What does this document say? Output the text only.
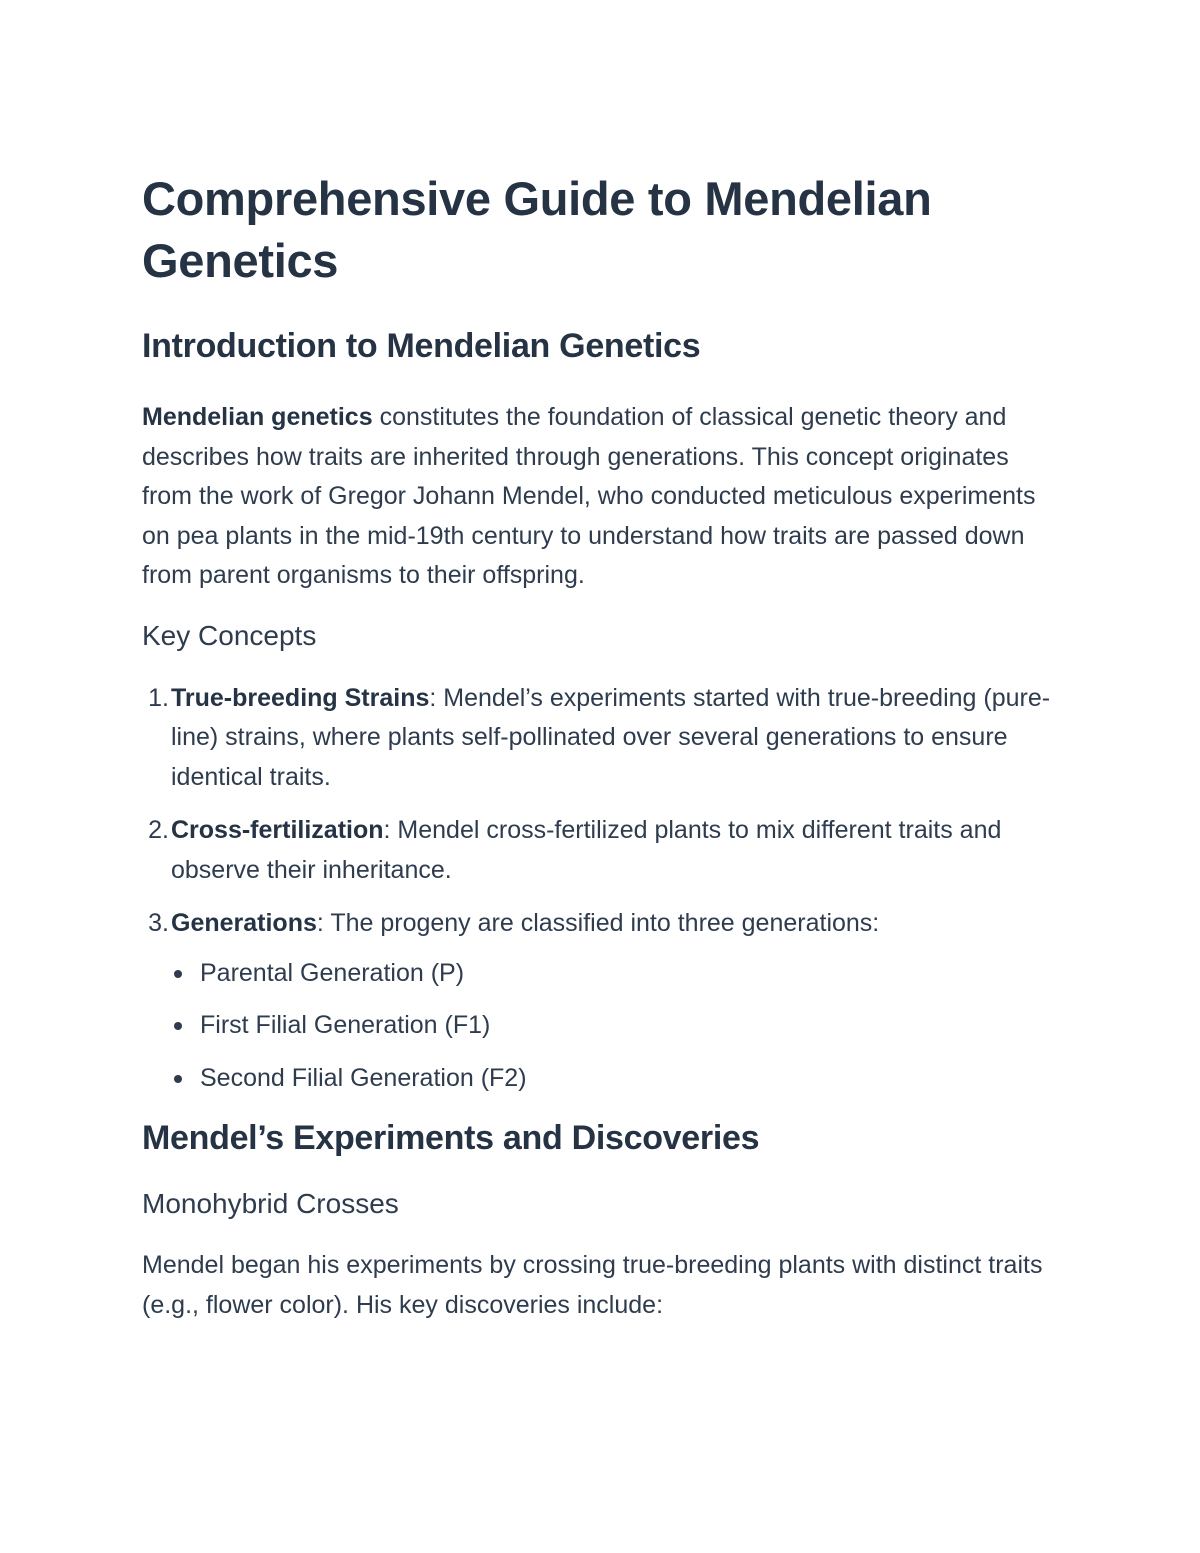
Comprehensive Guide to Mendelian Genetics
Introduction to Mendelian Genetics

Mendelian genetics constitutes the foundation of classical genetic theory and describes how traits are inherited through generations. This concept originates from the work of Gregor Johann Mendel, who conducted meticulous experiments on pea plants in the mid-19th century to understand how traits are passed down from parent organisms to their offspring.

Key Concepts
1. True-breeding Strains: Mendel’s experiments started with true-breeding (pure-line) strains, where plants self-pollinated over several generations to ensure identical traits.
2. Cross-fertilization: Mendel cross-fertilized plants to mix different traits and observe their inheritance.
3. Generations: The progeny are classified into three generations:
Parental Generation (P)
First Filial Generation (F1)
Second Filial Generation (F2)
Mendel’s Experiments and Discoveries
Monohybrid Crosses

Mendel began his experiments by crossing true-breeding plants with distinct traits (e.g., flower color). His key discoveries include:
